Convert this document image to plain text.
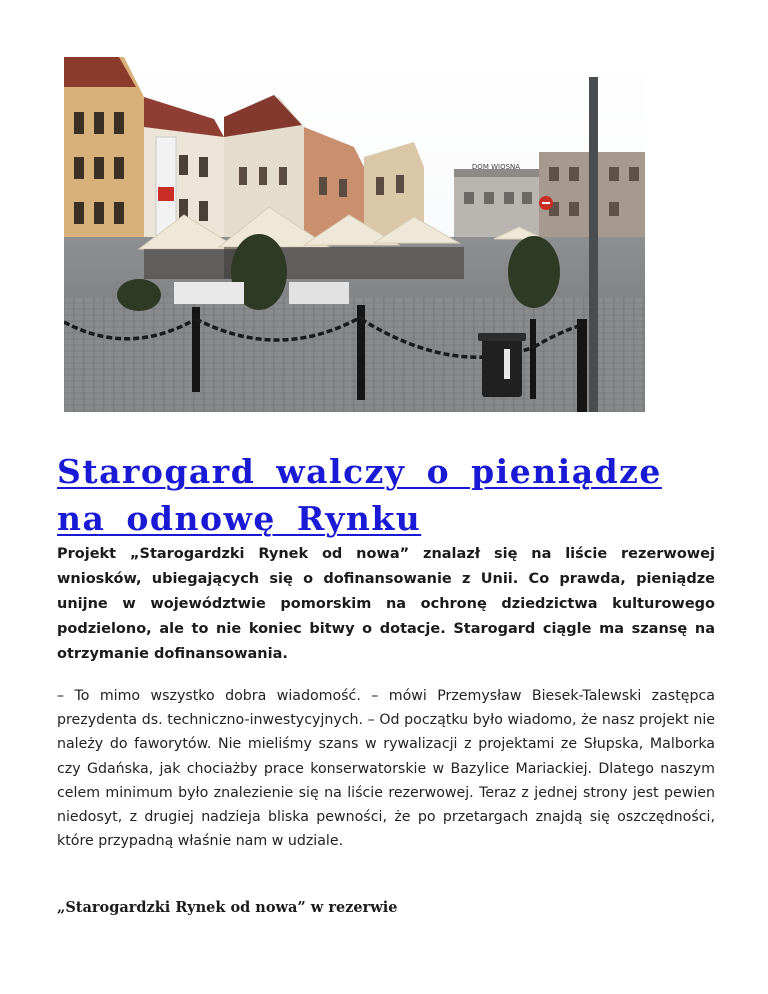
DOM WIOSNA
Starogard walczy o pieniądze na odnowę Rynku

Projekt „Starogardzki Rynek od nowa” znalazł się na liście rezerwowej wniosków, ubiegających się o dofinansowanie z Unii. Co prawda, pieniądze unijne w województwie pomorskim na ochronę dziedzictwa kulturowego podzielono, ale to nie koniec bitwy o dotacje. Starogard ciągle ma szansę na otrzymanie dofinansowania.

– To mimo wszystko dobra wiadomość. – mówi Przemysław Biesek-Talewski zastępca prezydenta ds. techniczno-inwestycyjnych. – Od początku było wiadomo, że nasz projekt nie należy do faworytów. Nie mieliśmy szans w rywalizacji z projektami ze Słupska, Malborka czy Gdańska, jak chociażby prace konserwatorskie w Bazylice Mariackiej. Dlatego naszym celem minimum było znalezienie się na liście rezerwowej. Teraz z jednej strony jest pewien niedosyt, z drugiej nadzieja bliska pewności, że po przetargach znajdą się oszczędności, które przypadną właśnie nam w udziale.

„Starogardzki Rynek od nowa” w rezerwie
